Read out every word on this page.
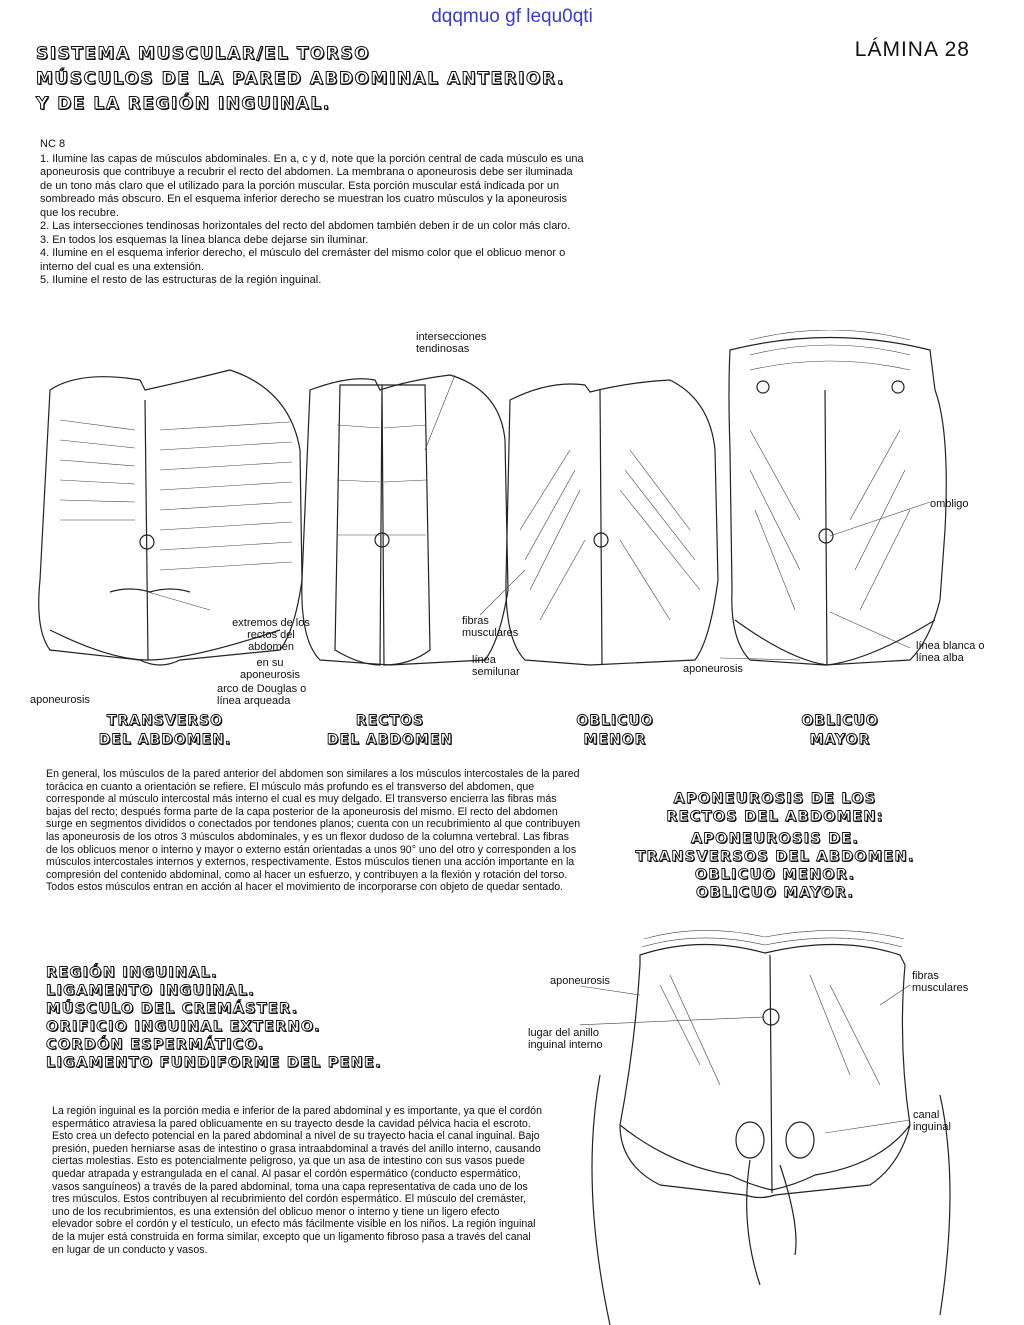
dqqmuo gf lequ0qti
LÁMINA 28
SISTEMA MUSCULAR/EL TORSO
MÚSCULOS DE LA PARED ABDOMINAL ANTERIOR.
Y DE LA REGIÓN INGUINAL.
NC 8

1. Ilumine las capas de músculos abdominales. En a, c y d, note que la porción central de cada músculo es una aponeurosis que contribuye a recubrir el recto del abdomen. La membrana o aponeurosis debe ser iluminada de un tono más claro que el utilizado para la porción muscular. Esta porción muscular está indicada por un sombreado más obscuro. En el esquema inferior derecho se muestran los cuatro músculos y la aponeurosis que los recubre.

2. Las intersecciones tendinosas horizontales del recto del abdomen también deben ir de un color más claro.

3. En todos los esquemas la línea blanca debe dejarse sin iluminar.

4. Ilumine en el esquema inferior derecho, el músculo del cremáster del mismo color que el oblicuo menor o interno del cual es una extensión.

5. Ilumine el resto de las estructuras de la región inguinal.

intersecciones tendinosas
ombligo
extremos de los rectos del abdomen
en su aponeurosis
arco de Douglas o línea arqueada
aponeurosis
fibras musculares
línea semilunar	aponeurosis
línea blanca o línea alba
TRANSVERSO
DEL ABDOMEN.
RECTOS
DEL ABDOMEN
OBLICUO
MENOR
OBLICUO
MAYOR
En general, los músculos de la pared anterior del abdomen son similares a los músculos intercostales de la pared torácica en cuanto a orientación se refiere. El músculo más profundo es el transverso del abdomen, que corresponde al músculo intercostal más interno el cual es muy delgado. El transverso encierra las fibras más bajas del recto; después forma parte de la capa posterior de la aponeurosis del mismo. El recto del abdomen surge en segmentos divididos o conectados por tendones planos; cuenta con un recubrimiento al que contribuyen las aponeurosis de los otros 3 músculos abdominales, y es un flexor dudoso de la columna vertebral. Las fibras de los oblicuos menor o interno y mayor o externo están orientadas a unos 90° uno del otro y corresponden a los músculos intercostales internos y externos, respectivamente. Estos músculos tienen una acción importante en la compresión del contenido abdominal, como al hacer un esfuerzo, y contribuyen a la flexión y rotación del torso. Todos estos músculos entran en acción al hacer el movimiento de incorporarse con objeto de quedar sentado.
APONEUROSIS DE LOS
RECTOS DEL ABDOMEN:
APONEUROSIS DE.
TRANSVERSOS DEL ABDOMEN.
OBLICUO MENOR.
OBLICUO MAYOR.
REGIÓN INGUINAL.
LIGAMENTO INGUINAL.
MÚSCULO DEL CREMÁSTER.
ORIFICIO INGUINAL EXTERNO.
CORDÓN ESPERMÁTICO.
LIGAMENTO FUNDIFORME DEL PENE.
La región inguinal es la porción media e inferior de la pared abdominal y es importante, ya que el cordón espermático atraviesa la pared oblicuamente en su trayecto desde la cavidad pélvica hacia el escroto. Esto crea un defecto potencial en la pared abdominal a nivel de su trayecto hacia el canal inguinal. Bajo presión, pueden herniarse asas de intestino o grasa intraabdominal a través del anillo interno, causando ciertas molestias. Esto es potencialmente peligroso, ya que un asa de intestino con sus vasos puede quedar atrapada y estrangulada en el canal. Al pasar el cordón espermático (conducto espermático, vasos sanguíneos) a través de la pared abdominal, toma una capa representativa de cada uno de los tres músculos. Estos contribuyen al recubrimiento del cordón espermático. El músculo del cremáster, uno de los recubrimientos, es una extensión del oblicuo menor o interno y tiene un ligero efecto elevador sobre el cordón y el testículo, un efecto más fácilmente visible en los niños. La región inguinal de la mujer está construida en forma similar, excepto que un ligamento fibroso pasa a través del canal en lugar de un conducto y vasos.
aponeurosis	fibras musculares
lugar del anillo inguinal interno
canal inguinal
